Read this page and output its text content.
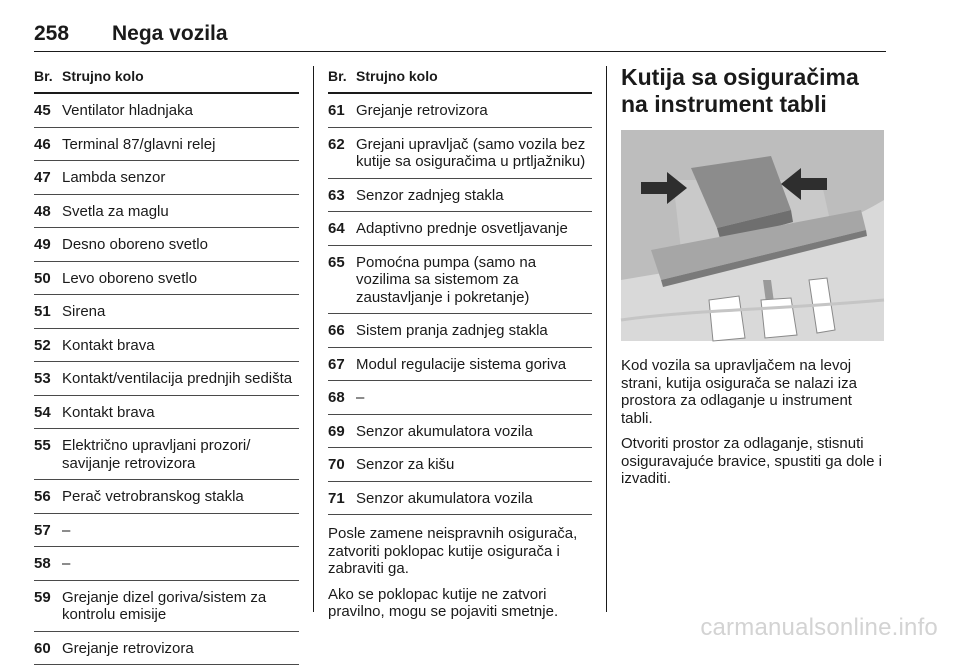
258 Nega vozila
Br. Strujno kolo
45 Ventilator hladnjaka
46 Terminal 87/glavni relej
47 Lambda senzor
48 Svetla za maglu
49 Desno oboreno svetlo
50 Levo oboreno svetlo
51 Sirena
52 Kontakt brava
53 Kontakt/ventilacija prednjih sedišta
54 Kontakt brava
55 Električno upravljani prozori/ savijanje retrovizora
56 Perač vetrobranskog stakla
57 –
58 –
59 Grejanje dizel goriva/sistem za kontrolu emisije
60 Grejanje retrovizora
Br. Strujno kolo
61 Grejanje retrovizora
62 Grejani upravljač (samo vozila bez kutije sa osiguračima u prtljažniku)
63 Senzor zadnjeg stakla
64 Adaptivno prednje osvetljavanje
65 Pomoćna pumpa (samo na vozilima sa sistemom za zaustavljanje i pokretanje)
66 Sistem pranja zadnjeg stakla
67 Modul regulacije sistema goriva
68 –
69 Senzor akumulatora vozila
70 Senzor za kišu
71 Senzor akumulatora vozila

Posle zamene neispravnih osigurača, zatvoriti poklopac kutije osigurača i zabraviti ga.

Ako se poklopac kutije ne zatvori pravilno, mogu se pojaviti smetnje.

Kutija sa osiguračima na instrument tabli

Kod vozila sa upravljačem na levoj strani, kutija osigurača se nalazi iza prostora za odlaganje u instrument tabli.

Otvoriti prostor za odlaganje, stisnuti osiguravajuće bravice, spustiti ga dole i izvaditi.

carmanualsonline.info
